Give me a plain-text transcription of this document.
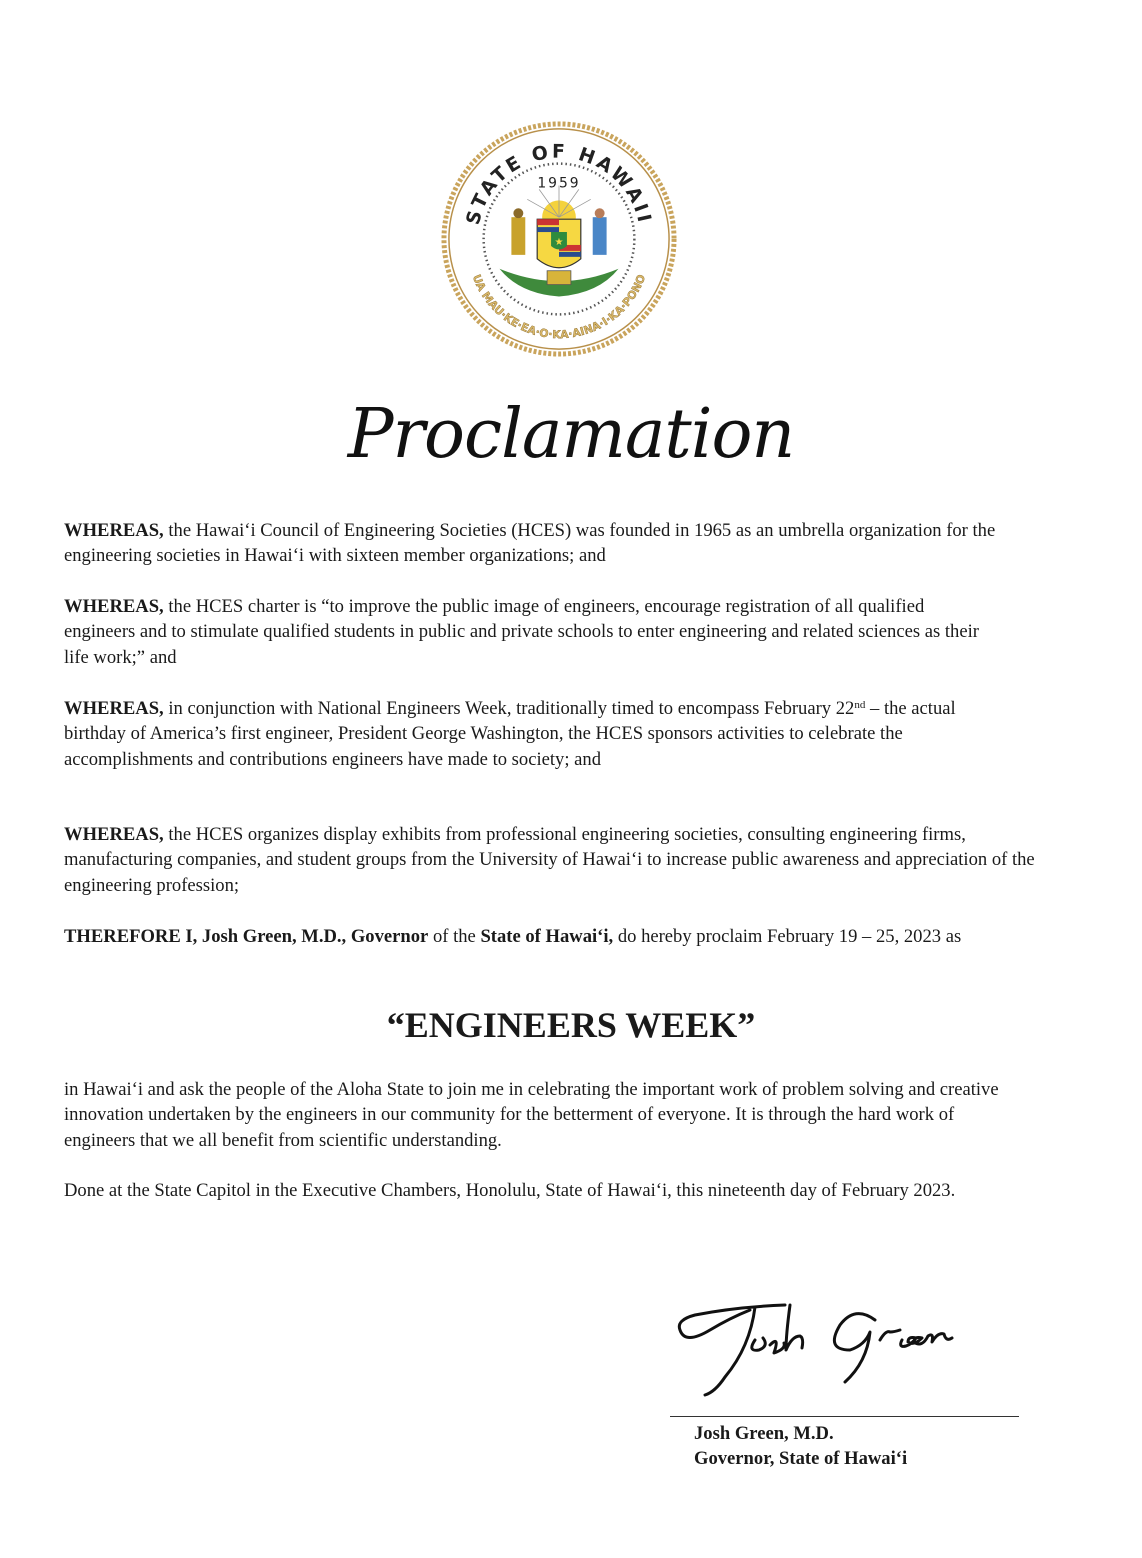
STATE OF HAWAII
1959
UA MAU·KE·EA·O·KA·AINA·I·KA·PONO
★
Proclamation

WHEREAS, the Hawai‘i Council of Engineering Societies (HCES) was founded in 1965 as an umbrella organization for the engineering societies in Hawai‘i with sixteen member organizations; and

WHEREAS, the HCES charter is “to improve the public image of engineers, encourage registration of all qualified engineers and to stimulate qualified students in public and private schools to enter engineering and related sciences as their life work;” and

WHEREAS, in conjunction with National Engineers Week, traditionally timed to encompass February 22nd – the actual birthday of America’s first engineer, President George Washington, the HCES sponsors activities to celebrate the accomplishments and contributions engineers have made to society; and

WHEREAS, the HCES organizes display exhibits from professional engineering societies, consulting engineering firms, manufacturing companies, and student groups from the University of Hawai‘i to increase public awareness and appreciation of the engineering profession;

THEREFORE I, Josh Green, M.D., Governor of the State of Hawai‘i, do hereby proclaim February 19 – 25, 2023 as

“ENGINEERS WEEK”

in Hawai‘i and ask the people of the Aloha State to join me in celebrating the important work of problem solving and creative innovation undertaken by the engineers in our community for the betterment of everyone. It is through the hard work of engineers that we all benefit from scientific understanding.

Done at the State Capitol in the Executive Chambers, Honolulu, State of Hawai‘i, this nineteenth day of February 2023.

Josh Green, M.D.
Governor, State of Hawai‘i
